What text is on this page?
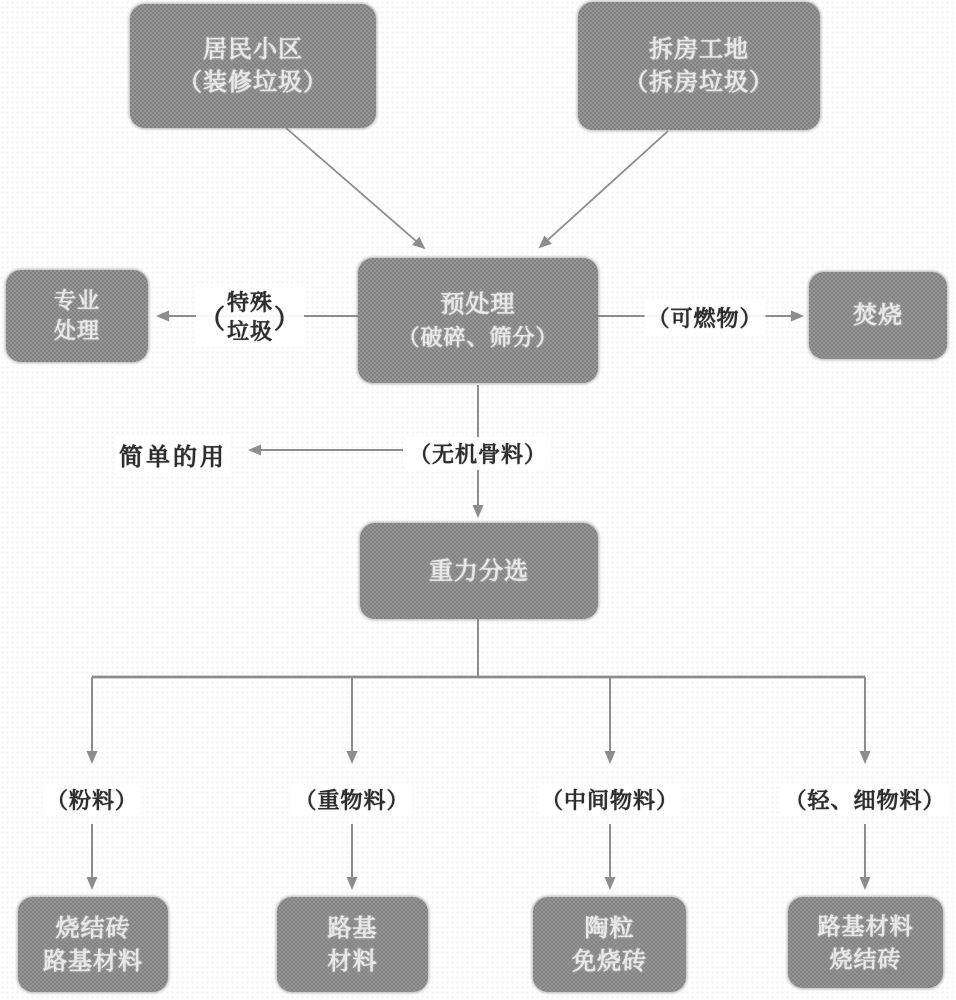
居民小区
（装修垃圾）
拆房工地
（拆房垃圾）
预处理
（破碎、筛分）
专业
处理
焚烧
重力分选
烧结砖
路基材料
路基
材料
陶粒
免烧砖
路基材料
烧结砖
（
特殊
垃圾 ）	（可燃物）
（无机骨料）
简单的用
（粉料）	（重物料）	（中间物料）	（轻、细物料）
